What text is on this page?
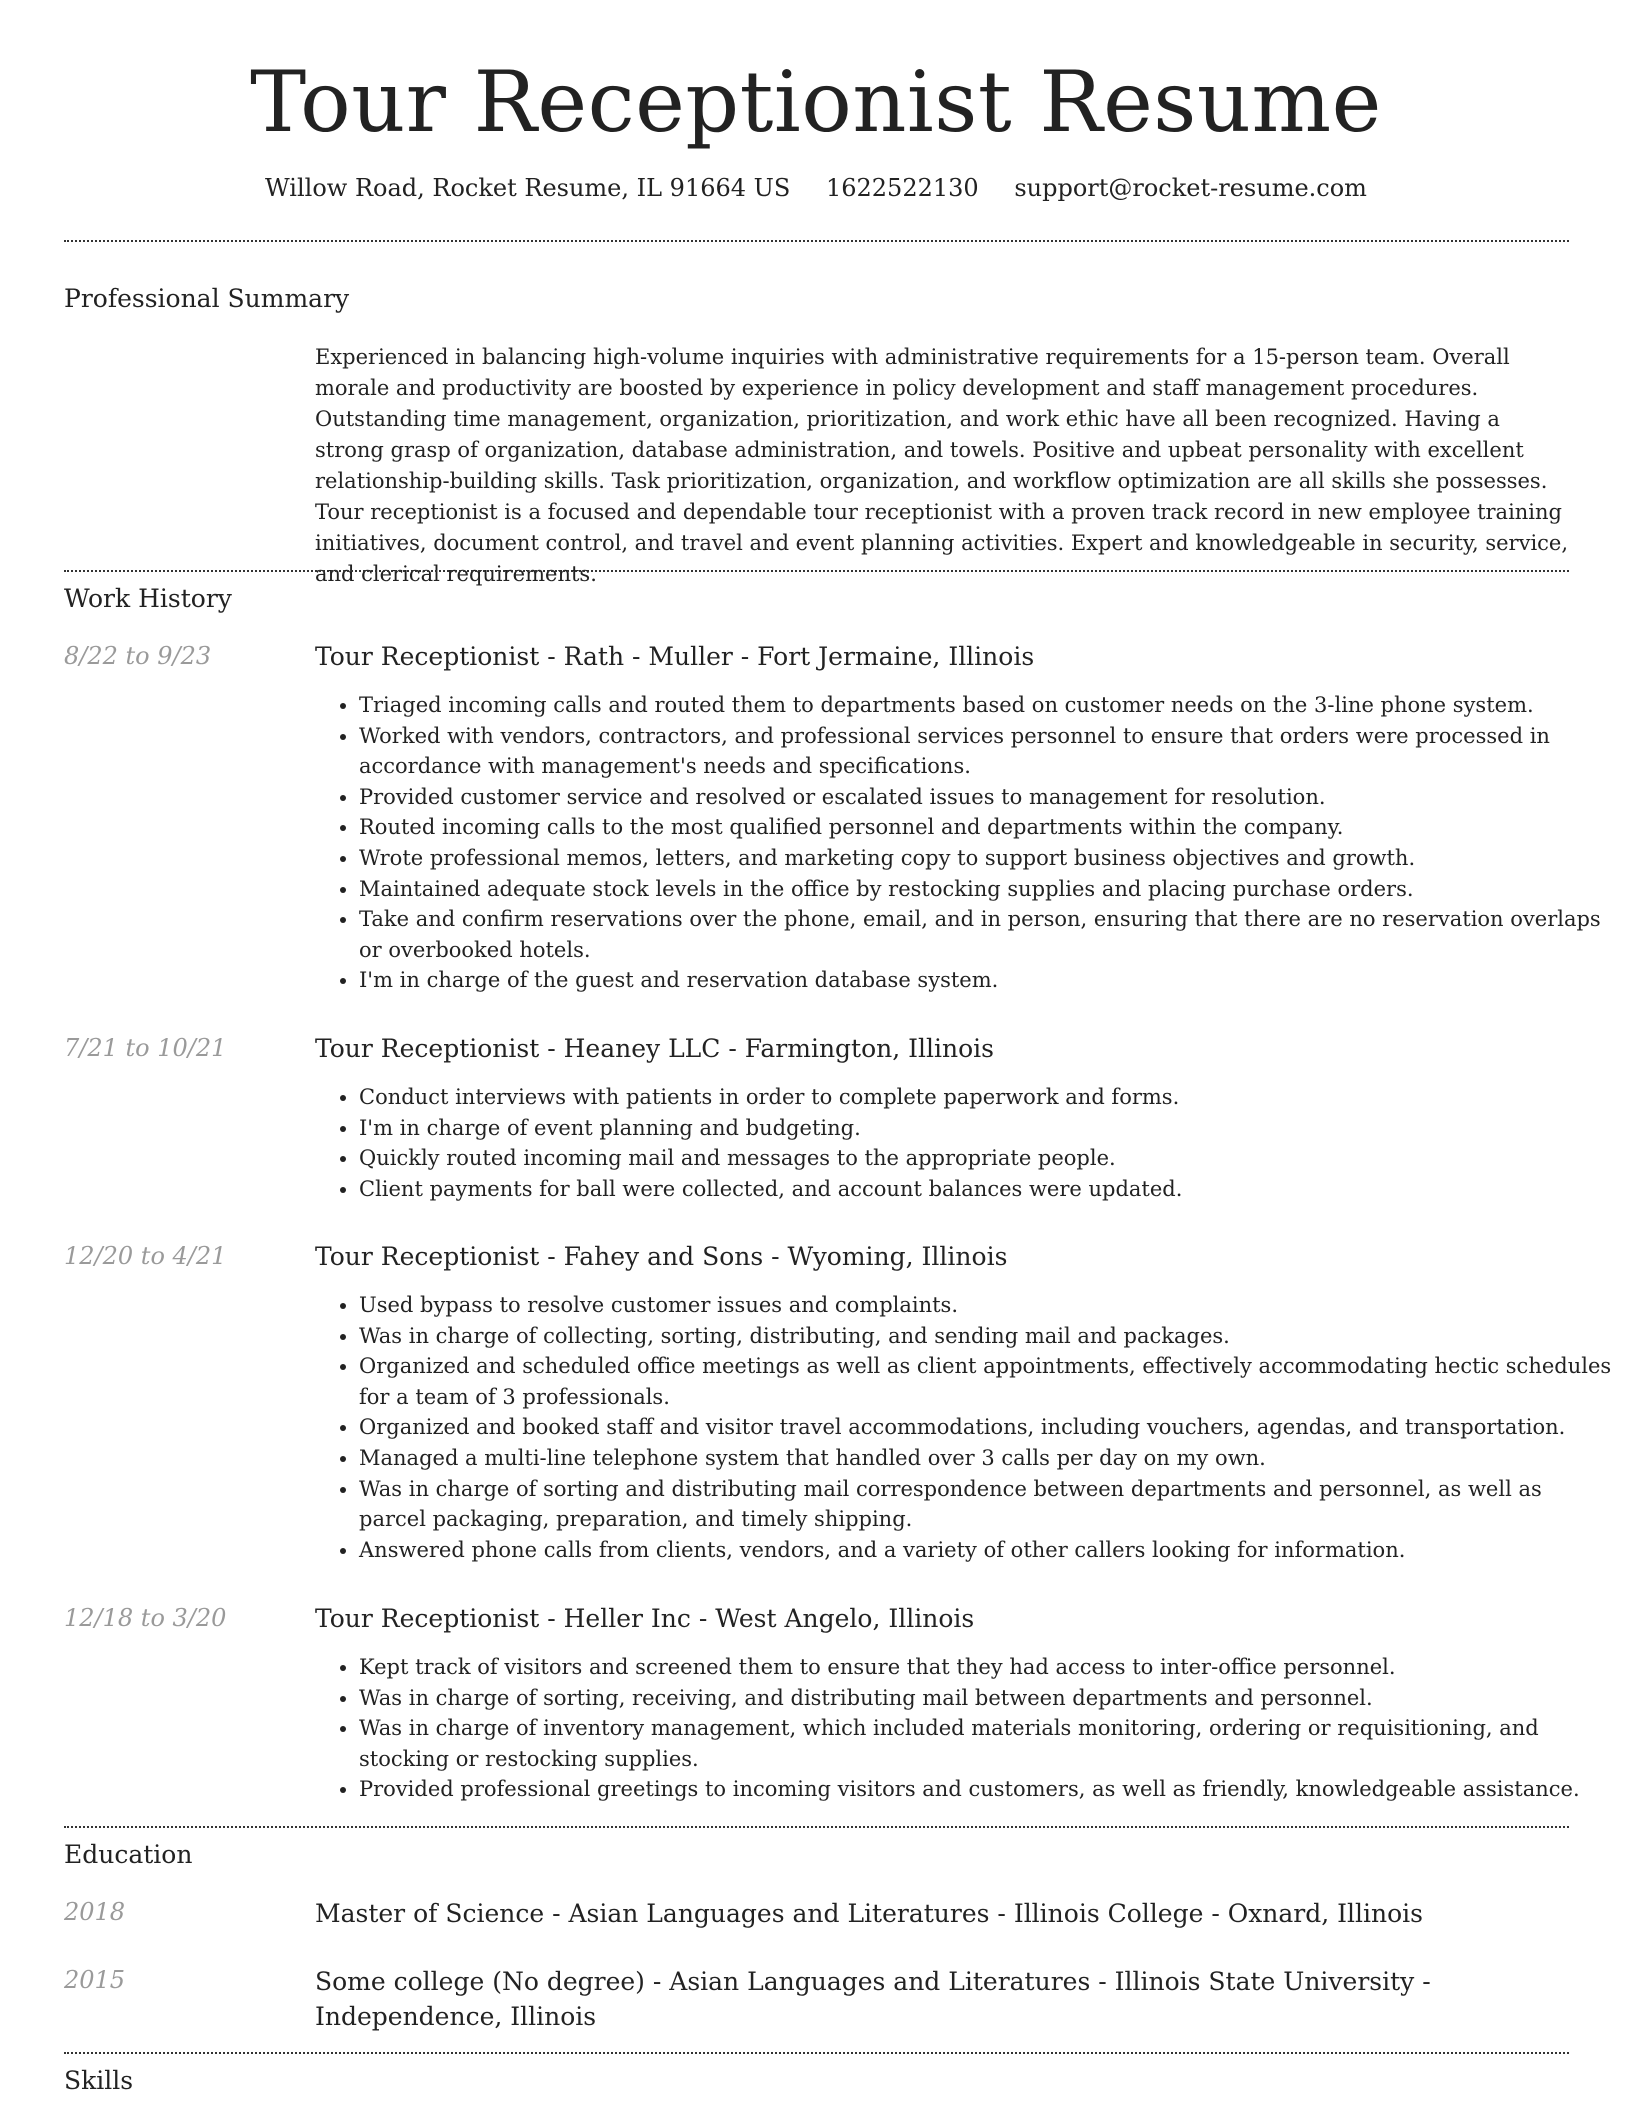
Tour Receptionist Resume
Willow Road, Rocket Resume, IL 91664 US 1622522130 support@rocket-resume.com
Professional Summary
Experienced in balancing high-volume inquiries with administrative requirements for a 15-person team. Overall morale and productivity are boosted by experience in policy development and staff management procedures. Outstanding time management, organization, prioritization, and work ethic have all been recognized. Having a strong grasp of organization, database administration, and towels. Positive and upbeat personality with excellent relationship-building skills. Task prioritization, organization, and workflow optimization are all skills she possesses. Tour receptionist is a focused and dependable tour receptionist with a proven track record in new employee training initiatives, document control, and travel and event planning activities. Expert and knowledgeable in security, service, and clerical requirements.
Work History
8/22 to 9/23	Tour Receptionist - Rath - Muller - Fort Jermaine, Illinois
• Triaged incoming calls and routed them to departments based on customer needs on the 3-line phone system.
• Worked with vendors, contractors, and professional services personnel to ensure that orders were processed in accordance with management's needs and specifications.
• Provided customer service and resolved or escalated issues to management for resolution.
• Routed incoming calls to the most qualified personnel and departments within the company.
• Wrote professional memos, letters, and marketing copy to support business objectives and growth.
• Maintained adequate stock levels in the office by restocking supplies and placing purchase orders.
• Take and confirm reservations over the phone, email, and in person, ensuring that there are no reservation overlaps or overbooked hotels.
• I'm in charge of the guest and reservation database system.
7/21 to 10/21	Tour Receptionist - Heaney LLC - Farmington, Illinois
• Conduct interviews with patients in order to complete paperwork and forms.
• I'm in charge of event planning and budgeting.
• Quickly routed incoming mail and messages to the appropriate people.
• Client payments for ball were collected, and account balances were updated.
12/20 to 4/21	Tour Receptionist - Fahey and Sons - Wyoming, Illinois
• Used bypass to resolve customer issues and complaints.
• Was in charge of collecting, sorting, distributing, and sending mail and packages.
• Organized and scheduled office meetings as well as client appointments, effectively accommodating hectic schedules for a team of 3 professionals.
• Organized and booked staff and visitor travel accommodations, including vouchers, agendas, and transportation.
• Managed a multi-line telephone system that handled over 3 calls per day on my own.
• Was in charge of sorting and distributing mail correspondence between departments and personnel, as well as parcel packaging, preparation, and timely shipping.
• Answered phone calls from clients, vendors, and a variety of other callers looking for information.
12/18 to 3/20	Tour Receptionist - Heller Inc - West Angelo, Illinois
• Kept track of visitors and screened them to ensure that they had access to inter-office personnel.
• Was in charge of sorting, receiving, and distributing mail between departments and personnel.
• Was in charge of inventory management, which included materials monitoring, ordering or requisitioning, and stocking or restocking supplies.
• Provided professional greetings to incoming visitors and customers, as well as friendly, knowledgeable assistance.
Education
2018	Master of Science - Asian Languages and Literatures - Illinois College - Oxnard, Illinois
2015	Some college (No degree) - Asian Languages and Literatures - Illinois State University - Independence, Illinois
Skills
